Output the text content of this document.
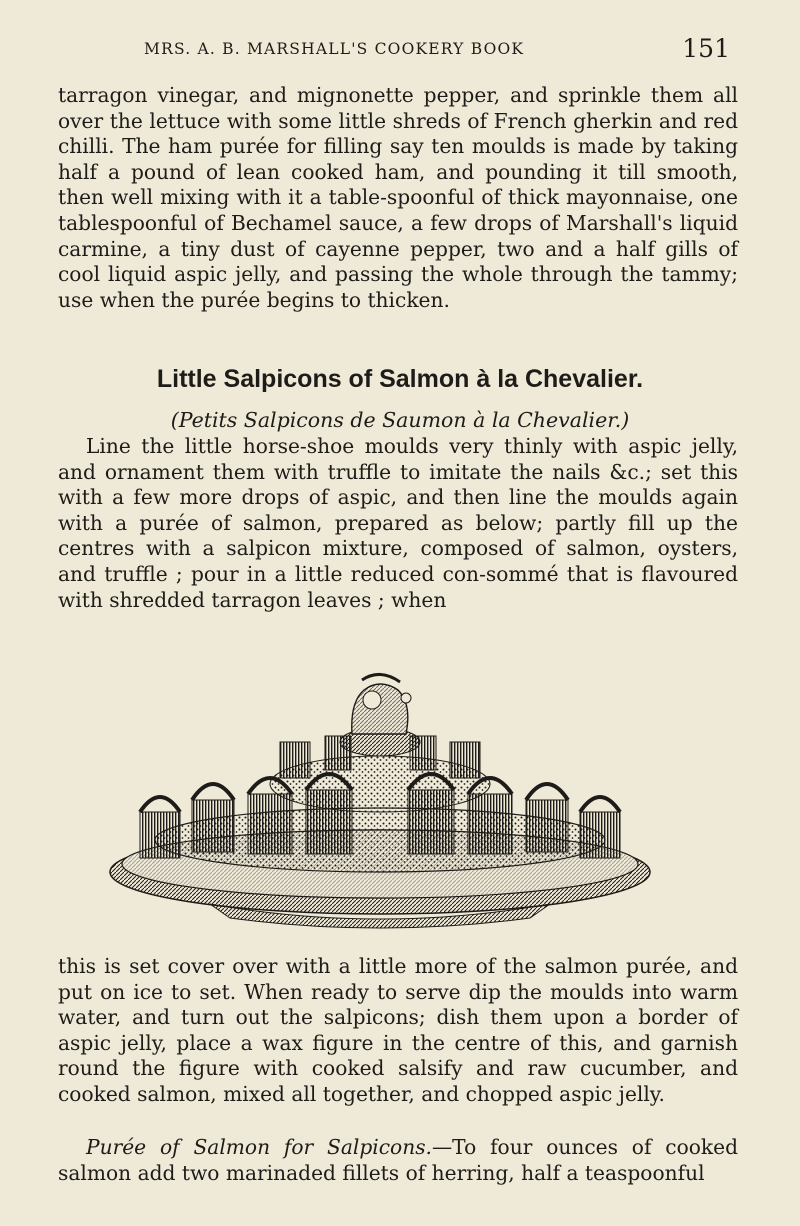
MRS. A. B. MARSHALL'S COOKERY BOOK	151

tarragon vinegar, and mignonette pepper, and sprinkle them all over the lettuce with some little shreds of French gherkin and red chilli. The ham purée for filling say ten moulds is made by taking half a pound of lean cooked ham, and pounding it till smooth, then well mixing with it a table-spoonful of thick mayonnaise, one tablespoonful of Bechamel sauce, a few drops of Marshall's liquid carmine, a tiny dust of cayenne pepper, two and a half gills of cool liquid aspic jelly, and passing the whole through the tammy; use when the purée begins to thicken.

Little Salpicons of Salmon à la Chevalier.
(Petits Salpicons de Saumon à la Chevalier.)

Line the little horse-shoe moulds very thinly with aspic jelly, and ornament them with truffle to imitate the nails &c.; set this with a few more drops of aspic, and then line the moulds again with a purée of salmon, prepared as below; partly fill up the centres with a salpicon mixture, composed of salmon, oysters, and truffle ; pour in a little reduced con-sommé that is flavoured with shredded tarragon leaves ; when

this is set cover over with a little more of the salmon purée, and put on ice to set. When ready to serve dip the moulds into warm water, and turn out the salpicons; dish them upon a border of aspic jelly, place a wax figure in the centre of this, and garnish round the figure with cooked salsify and raw cucumber, and cooked salmon, mixed all together, and chopped aspic jelly.

Purée of Salmon for Salpicons.—To four ounces of cooked salmon add two marinaded fillets of herring, half a teaspoonful
